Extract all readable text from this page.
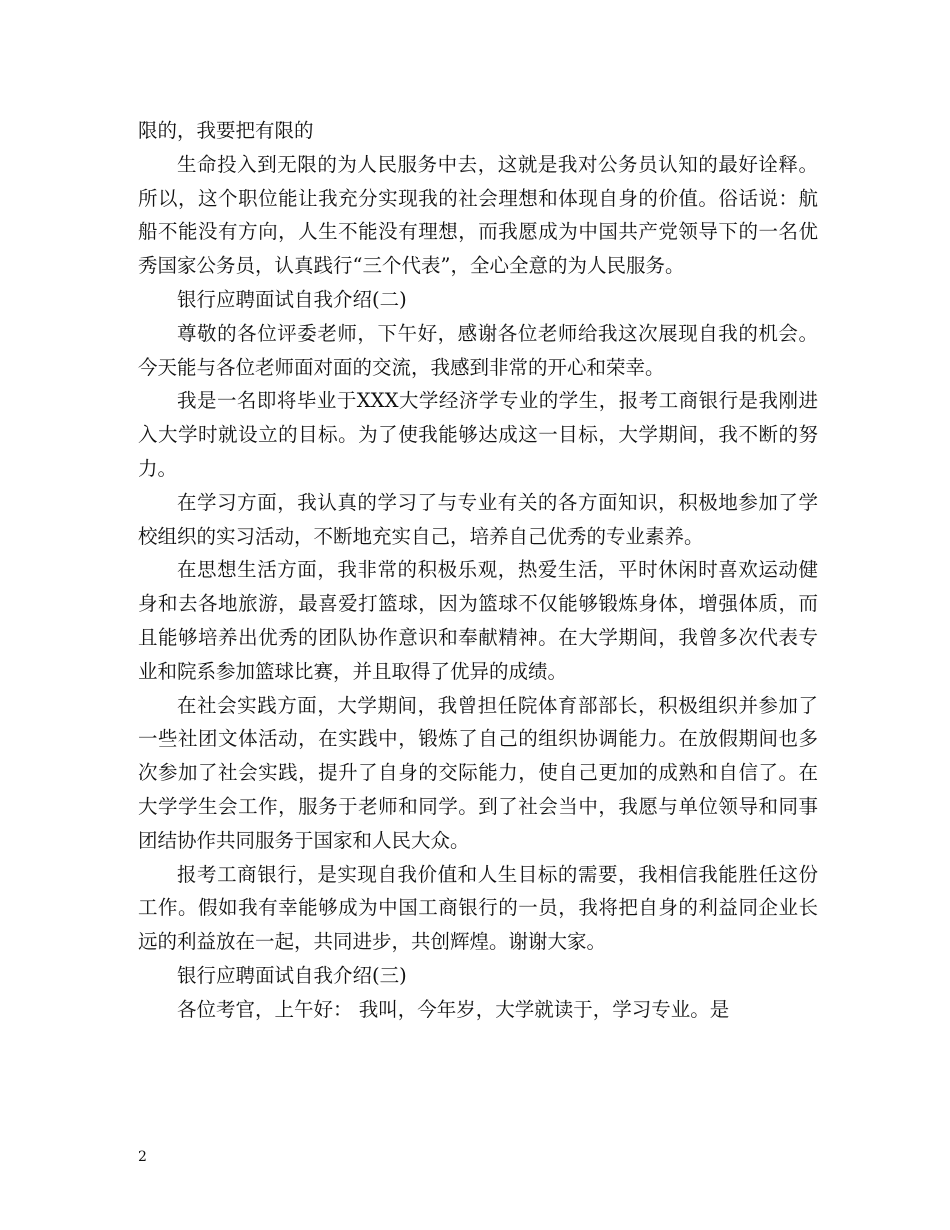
限的，我要把有限的

生命投入到无限的为人民服务中去，这就是我对公务员认知的最好诠释。所以，这个职位能让我充分实现我的社会理想和体现自身的价值。俗话说：航船不能没有方向，人生不能没有理想，而我愿成为中国共产党领导下的一名优秀国家公务员，认真践行“三个代表”，全心全意的为人民服务。

银行应聘面试自我介绍(二)

尊敬的各位评委老师，下午好，感谢各位老师给我这次展现自我的机会。今天能与各位老师面对面的交流，我感到非常的开心和荣幸。

我是一名即将毕业于XXX大学经济学专业的学生，报考工商银行是我刚进入大学时就设立的目标。为了使我能够达成这一目标，大学期间，我不断的努力。

在学习方面，我认真的学习了与专业有关的各方面知识，积极地参加了学校组织的实习活动，不断地充实自己，培养自己优秀的专业素养。

在思想生活方面，我非常的积极乐观，热爱生活，平时休闲时喜欢运动健身和去各地旅游，最喜爱打篮球，因为篮球不仅能够锻炼身体，增强体质，而且能够培养出优秀的团队协作意识和奉献精神。在大学期间，我曾多次代表专业和院系参加篮球比赛，并且取得了优异的成绩。

在社会实践方面，大学期间，我曾担任院体育部部长，积极组织并参加了一些社团文体活动，在实践中，锻炼了自己的组织协调能力。在放假期间也多次参加了社会实践，提升了自身的交际能力，使自己更加的成熟和自信了。在大学学生会工作，服务于老师和同学。到了社会当中，我愿与单位领导和同事团结协作共同服务于国家和人民大众。

报考工商银行，是实现自我价值和人生目标的需要，我相信我能胜任这份工作。假如我有幸能够成为中国工商银行的一员，我将把自身的利益同企业长远的利益放在一起，共同进步，共创辉煌。谢谢大家。

银行应聘面试自我介绍(三)

各位考官，上午好： 我叫，今年岁，大学就读于，学习专业。是

2
